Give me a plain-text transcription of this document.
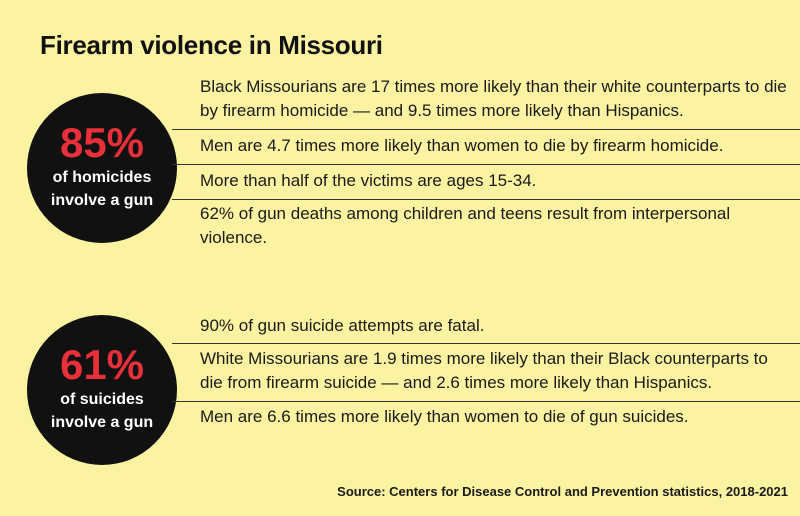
Firearm violence in Missouri
85%
of homicides
involve a gun
Black Missourians are 17 times more likely than their white counterparts to die by firearm homicide — and 9.5 times more likely than Hispanics.
Men are 4.7 times more likely than women to die by firearm homicide.
More than half of the victims are ages 15-34.
62% of gun deaths among children and teens result from interpersonal violence.
61%
of suicides
involve a gun
90% of gun suicide attempts are fatal.
White Missourians are 1.9 times more likely than their Black counterparts to die from firearm suicide — and 2.6 times more likely than Hispanics.
Men are 6.6 times more likely than women to die of gun suicides.
Source: Centers for Disease Control and Prevention statistics, 2018-2021
